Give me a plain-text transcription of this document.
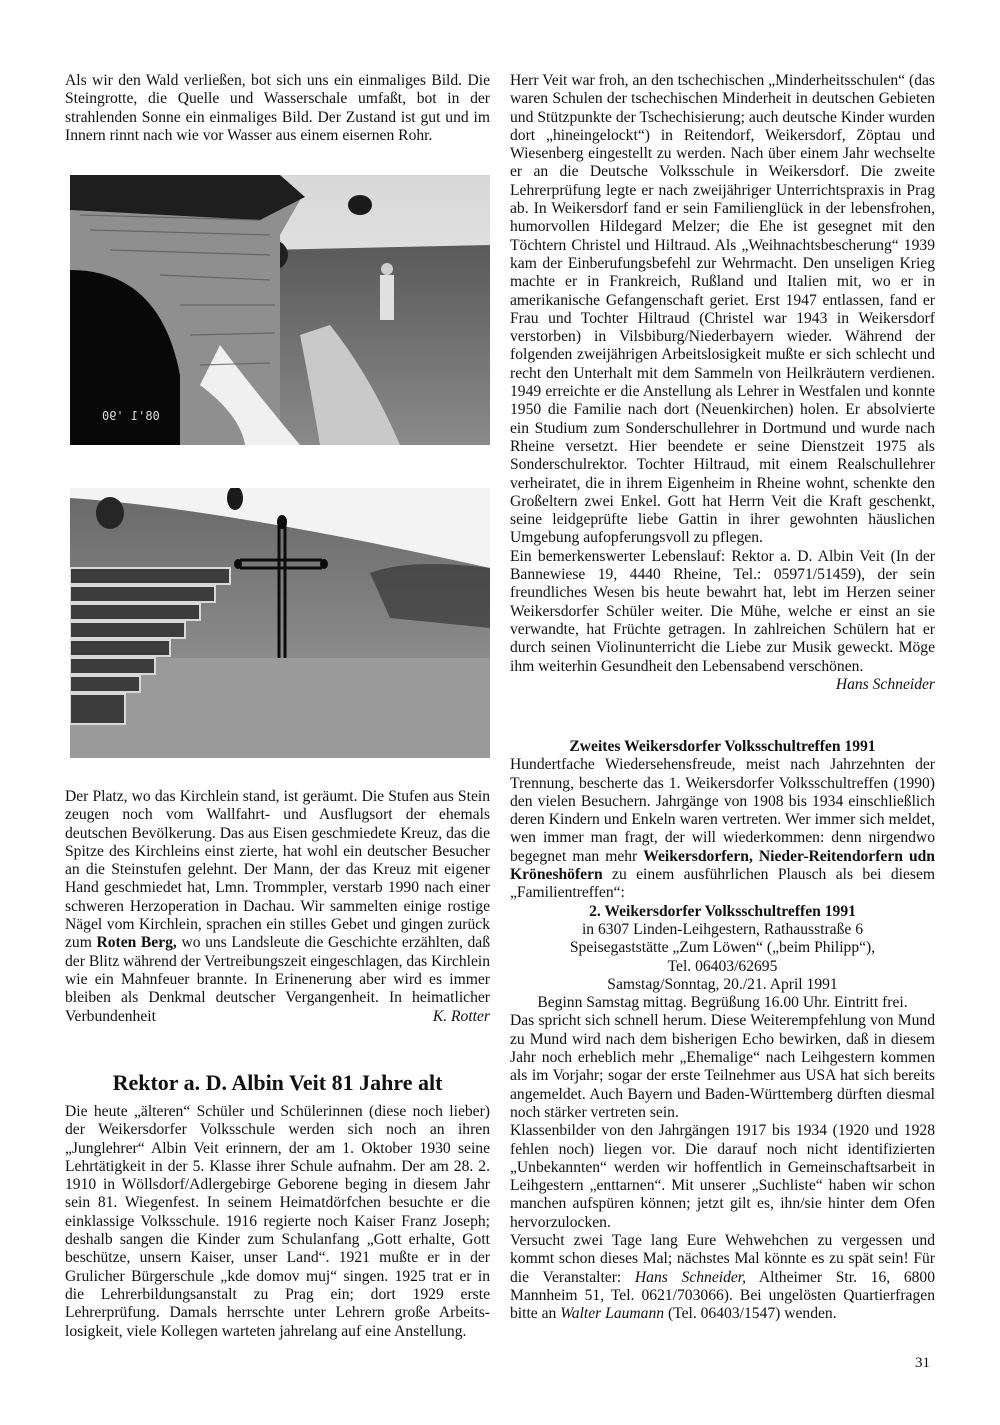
Als wir den Wald verließen, bot sich uns ein einmaliges Bild. Die Steingrotte, die Quelle und Wasserschale umfaßt, bot in der strahlenden Sonne ein einmaliges Bild. Der Zustand ist gut und im Innern rinnt nach wie vor Wasser aus einem eisernen Rohr.

08'1 '90

Der Platz, wo das Kirchlein stand, ist geräumt. Die Stufen aus Stein zeugen noch vom Wallfahrt- und Ausflugsort der ehemals deutschen Bevölkerung. Das aus Eisen geschmiedete Kreuz, das die Spitze des Kirchleins einst zierte, hat wohl ein deutscher Besucher an die Steinstufen gelehnt. Der Mann, der das Kreuz mit eigener Hand geschmiedet hat, Lmn. Trommpler, verstarb 1990 nach einer schweren Herzoperation in Dachau. Wir sammelten einige rostige Nägel vom Kirchlein, sprachen ein stilles Gebet und gingen zurück zum Roten Berg, wo uns Landsleute die Geschichte erzählten, daß der Blitz während der Vertreibungszeit eingeschlagen, das Kirchlein wie ein Mahnfeuer brannte. In Erinenerung aber wird es immer bleiben als Denkmal deutscher Vergangenheit. In heimatlicher Verbundenheit	K. Rotter

Rektor a. D. Albin Veit 81 Jahre alt

Die heute „älteren“ Schüler und Schülerinnen (diese noch lieber) der Weikersdorfer Volksschule werden sich noch an ihren „Junglehrer“ Albin Veit erinnern, der am 1. Oktober 1930 seine Lehrtätigkeit in der 5. Klasse ihrer Schule aufnahm. Der am 28. 2. 1910 in Wöllsdorf/Adlergebirge Geborene beging in diesem Jahr sein 81. Wiegenfest. In seinem Heimatdörfchen besuchte er die einklassige Volksschule. 1916 regierte noch Kaiser Franz Joseph; deshalb sangen die Kinder zum Schulanfang „Gott erhalte, Gott beschütze, unsern Kaiser, unser Land“. 1921 mußte er in der Grulicher Bürgerschule „kde domov muj“ singen. 1925 trat er in die Lehrerbildungsanstalt zu Prag ein; dort 1929 erste Lehrerprüfung. Damals herrschte unter Lehrern große Arbeitslosigkeit, viele Kollegen warteten jahrelang auf eine Anstellung.

Herr Veit war froh, an den tschechischen „Minderheitsschulen“ (das waren Schulen der tschechischen Minderheit in deutschen Gebieten und Stützpunkte der Tschechisierung; auch deutsche Kinder wurden dort „hineingelockt“) in Reitendorf, Weikersdorf, Zöptau und Wiesenberg eingestellt zu werden. Nach über einem Jahr wechselte er an die Deutsche Volksschule in Weikersdorf. Die zweite Lehrerprüfung legte er nach zweijähriger Unterrichtspraxis in Prag ab. In Weikersdorf fand er sein Familienglück in der lebensfrohen, humorvollen Hildegard Melzer; die Ehe ist gesegnet mit den Töchtern Christel und Hiltraud. Als „Weihnachtsbescherung“ 1939 kam der Einberufungsbefehl zur Wehrmacht. Den unseligen Krieg machte er in Frankreich, Rußland und Italien mit, wo er in amerikanische Gefangenschaft geriet. Erst 1947 entlassen, fand er Frau und Tochter Hiltraud (Christel war 1943 in Weikersdorf verstorben) in Vilsbiburg/Niederbayern wieder. Während der folgenden zweijährigen Arbeitslosigkeit mußte er sich schlecht und recht den Unterhalt mit dem Sammeln von Heilkräutern verdienen. 1949 erreichte er die Anstellung als Lehrer in Westfalen und konnte 1950 die Familie nach dort (Neuenkirchen) holen. Er absolvierte ein Studium zum Sonderschullehrer in Dortmund und wurde nach Rheine versetzt. Hier beendete er seine Dienstzeit 1975 als Sonderschulrektor. Tochter Hiltraud, mit einem Realschullehrer verheiratet, die in ihrem Eigenheim in Rheine wohnt, schenkte den Großeltern zwei Enkel. Gott hat Herrn Veit die Kraft geschenkt, seine leidgeprüfte liebe Gattin in ihrer gewohnten häuslichen Umgebung aufopferungsvoll zu pflegen.

Ein bemerkenswerter Lebenslauf: Rektor a. D. Albin Veit (In der Bannewiese 19, 4440 Rheine, Tel.: 05971/51459), der sein freundliches Wesen bis heute bewahrt hat, lebt im Herzen seiner Weikersdorfer Schüler weiter. Die Mühe, welche er einst an sie verwandte, hat Früchte getragen. In zahlreichen Schülern hat er durch seinen Violinunterricht die Liebe zur Musik geweckt. Möge ihm weiterhin Gesundheit den Lebensabend verschönen.

Hans Schneider

Zweites Weikersdorfer Volksschultreffen 1991

Hundertfache Wiedersehensfreude, meist nach Jahrzehnten der Trennung, bescherte das 1. Weikersdorfer Volksschultreffen (1990) den vielen Besuchern. Jahrgänge von 1908 bis 1934 einschließlich deren Kindern und Enkeln waren vertreten. Wer immer sich meldet, wen immer man fragt, der will wiederkommen: denn nirgendwo begegnet man mehr Weikersdorfern, Nieder-Reitendorfern udn Kröneshöfern zu einem ausführlichen Plausch als bei diesem „Familientreffen“:

2. Weikersdorfer Volksschultreffen 1991

in 6307 Linden-Leihgestern, Rathausstraße 6

Speisegaststätte „Zum Löwen“ („beim Philipp“),

Tel. 06403/62695

Samstag/Sonntag, 20./21. April 1991

Beginn Samstag mittag. Begrüßung 16.00 Uhr. Eintritt frei.

Das spricht sich schnell herum. Diese Weiterempfehlung von Mund zu Mund wird nach dem bisherigen Echo bewirken, daß in diesem Jahr noch erheblich mehr „Ehemalige“ nach Leihgestern kommen als im Vorjahr; sogar der erste Teilnehmer aus USA hat sich bereits angemeldet. Auch Bayern und Baden-Württemberg dürften diesmal noch stärker vertreten sein.

Klassenbilder von den Jahrgängen 1917 bis 1934 (1920 und 1928 fehlen noch) liegen vor. Die darauf noch nicht identifizierten „Unbekannten“ werden wir hoffentlich in Gemeinschaftsarbeit in Leihgestern „enttarnen“. Mit unserer „Suchliste“ haben wir schon manchen aufspüren können; jetzt gilt es, ihn/sie hinter dem Ofen hervorzulocken.

Versucht zwei Tage lang Eure Wehwehchen zu vergessen und kommt schon dieses Mal; nächstes Mal könnte es zu spät sein! Für die Veranstalter: Hans Schneider, Altheimer Str. 16, 6800 Mannheim 51, Tel. 0621/703066). Bei ungelösten Quartierfragen bitte an Walter Laumann (Tel. 06403/1547) wenden.

31
